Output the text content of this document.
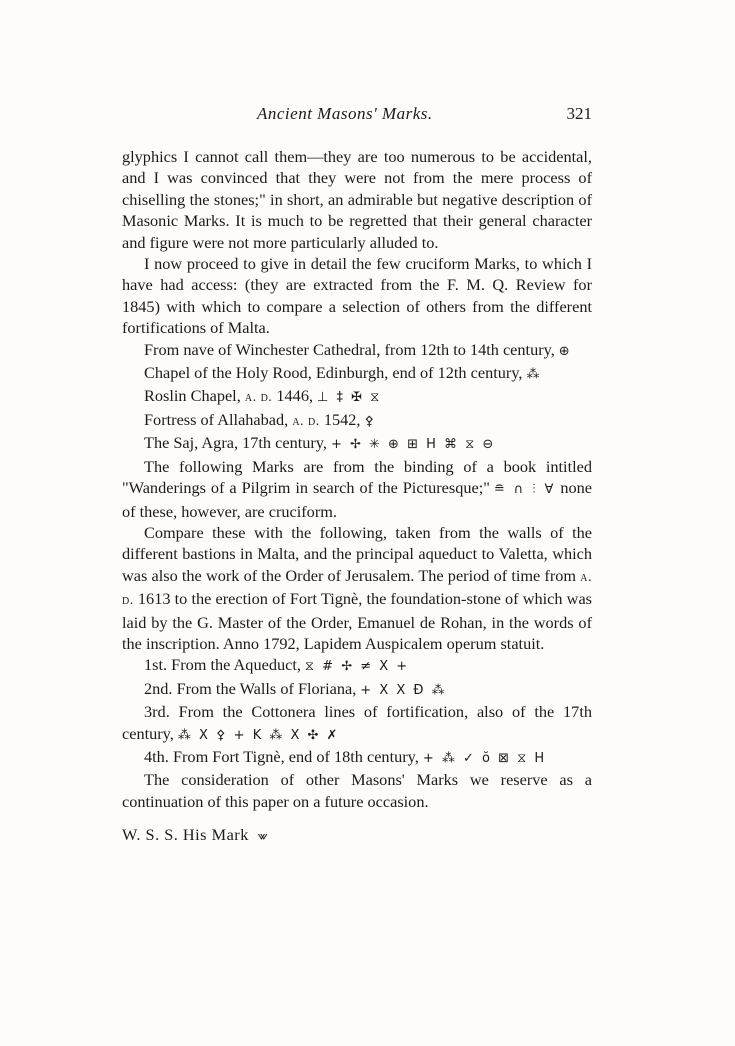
Ancient Masons' Marks.	321

glyphics I cannot call them—they are too numerous to be accidental, and I was convinced that they were not from the mere process of chiselling the stones;" in short, an admirable but negative description of Masonic Marks. It is much to be regretted that their general character and figure were not more particularly alluded to.

I now proceed to give in detail the few cruciform Marks, to which I have had access: (they are extracted from the F. M. Q. Review for 1845) with which to compare a selection of others from the different fortifications of Malta.

From nave of Winchester Cathedral, from 12th to 14th century, ⊕

Chapel of the Holy Rood, Edinburgh, end of 12th century, ⁂

Roslin Chapel, a. d. 1446, ⊥ ‡ ✠ ⧖

Fortress of Allahabad, a. d. 1542, ⚴

The Saj, Agra, 17th century, + ✢ ✳ ⊕ ⊞ H ⌘ ⧖ ⊖

The following Marks are from the binding of a book intitled "Wanderings of a Pilgrim in search of the Picturesque;" ≘ ∩ ⫶ ∀ none of these, however, are cruciform.

Compare these with the following, taken from the walls of the different bastions in Malta, and the principal aqueduct to Valetta, which was also the work of the Order of Jerusalem. The period of time from a. d. 1613 to the erection of Fort Tignè, the foundation-stone of which was laid by the G. Master of the Order, Emanuel de Rohan, in the words of the inscription. Anno 1792, Lapidem Auspicalem operum statuit.

1st. From the Aqueduct, ⧖ # ✢ ≠ X +

2nd. From the Walls of Floriana, + X X Ð ⁂

3rd. From the Cottonera lines of fortification, also of the 17th century, ⁂ X ⚴ + K ⁂ X ✣ ✗

4th. From Fort Tignè, end of 18th century, + ⁂ ✓ ŏ ⊠ ⧖ H

The consideration of other Masons' Marks we reserve as a continuation of this paper on a future occasion.

W. S. S. His Mark ⩖
